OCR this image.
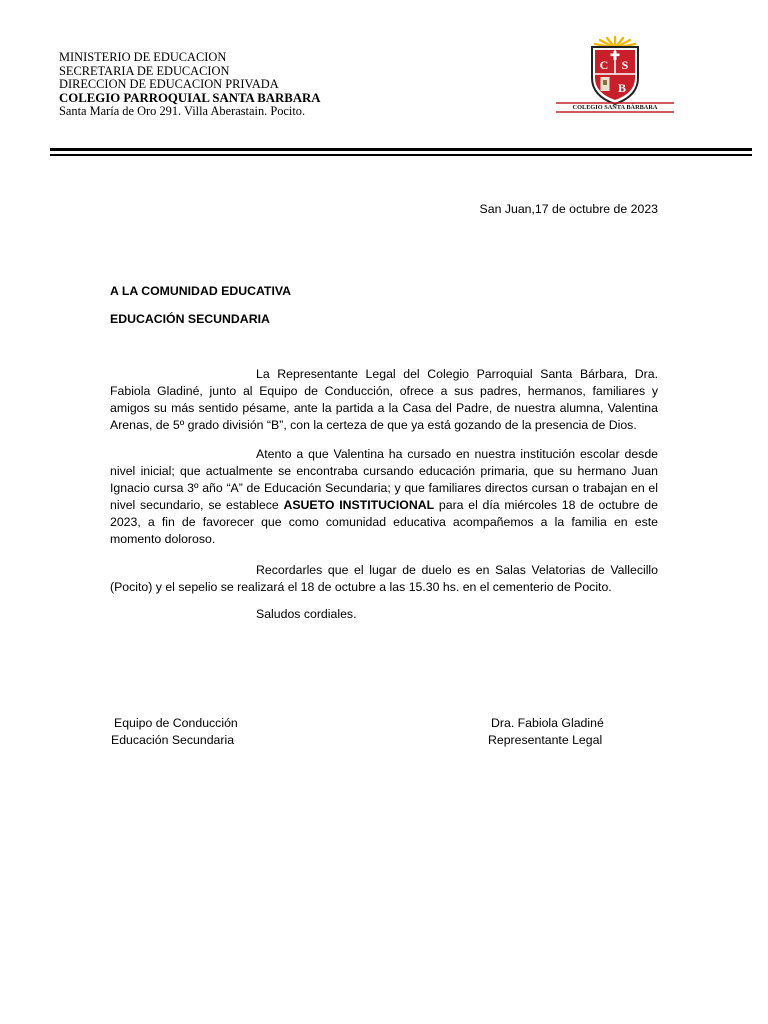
MINISTERIO DE EDUCACION
SECRETARIA DE EDUCACION
DIRECCION DE EDUCACION PRIVADA
COLEGIO PARROQUIAL SANTA BARBARA
Santa María de Oro 291. Villa Aberastain. Pocito.
C S
B
COLEGIO SANTA BÁRBARA
San Juan,17 de octubre de 2023
A LA COMUNIDAD EDUCATIVA
EDUCACIÓN SECUNDARIA

La Representante Legal del Colegio Parroquial Santa Bárbara, Dra. Fabiola Gladiné, junto al Equipo de Conducción, ofrece a sus padres, hermanos, familiares y amigos su más sentido pésame, ante la partida a la Casa del Padre, de nuestra alumna, Valentina Arenas, de 5º grado división “B”, con la certeza de que ya está gozando de la presencia de Dios.

Atento a que Valentina ha cursado en nuestra institución escolar desde nivel inicial; que actualmente se encontraba cursando educación primaria, que su hermano Juan Ignacio cursa 3º año “A” de Educación Secundaria; y que familiares directos cursan o trabajan en el nivel secundario, se establece ASUETO INSTITUCIONAL para el día miércoles 18 de octubre de 2023, a fin de favorecer que como comunidad educativa acompañemos a la familia en este momento doloroso.

Recordarles que el lugar de duelo es en Salas Velatorias de Vallecillo (Pocito) y el sepelio se realizará el 18 de octubre a las 15.30 hs. en el cementerio de Pocito.

Saludos cordiales.
Equipo de Conducción
Educación Secundaria
Dra. Fabiola Gladiné
Representante Legal
